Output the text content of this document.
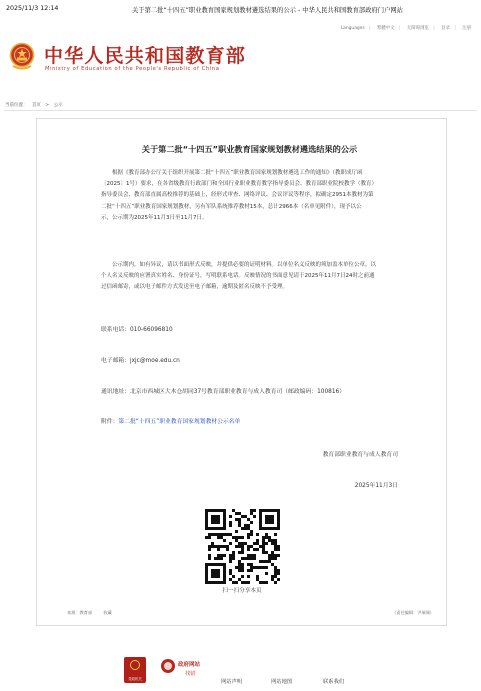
2025/11/3 12:14	关于第二批“十四五”职业教育国家规划教材遴选结果的公示 - 中华人民共和国教育部政府门户网站
Languages | 繁體中文 | 无障碍浏览 | 登录 | 注册
中华人民共和国教育部
Ministry of Education of the People's Republic of China
当前位置： 首页 > 公示
关于第二批“十四五”职业教育国家规划教材遴选结果的公示
根据《教育部办公厅关于组织开展第二批“十四五”职业教育国家规划教材遴选工作的通知》（教职成厅函
〔2025〕1号）要求，在各省级教育行政部门和全国行业职业教育教学指导委员会、教育部职业院校教学（教育）
指导委员会、教育部直属高校推荐的基础上，经形式审查、网络评议、会议评议等程序，拟确定2951本教材为第
二批“十四五”职业教育国家规划教材，另有军队系统推荐教材15本，总计2966本（名单见附件），现予以公
示，公示期为2025年11月3日至11月7日。
公示期内，如有异议，请以书面形式反映，并提供必要的证明材料。以单位名义反映的须加盖本单位公章，以
个人名义反映的应署真实姓名、身份证号，写明联系电话。反映情况的书面意见请于2025年11月7日24时之前通
过信函邮寄，或以电子邮件方式发送至电子邮箱，逾期及匿名反映不予受理。
联系电话：010-66096810
电子邮箱：jxjc@moe.edu.cn
通讯地址：北京市西城区大木仓胡同37号教育部职业教育与成人教育司（邮政编码：100816）
附件：第二批“十四五”职业教育国家规划教材公示名单
教育部职业教育与成人教育司
2025年11月3日
扫一扫分享本页
来源：教育部	收藏	（责任编辑：尹瑞瑞）
党政机关
政府网站
找错
网站声明	网站地图	联系我们
